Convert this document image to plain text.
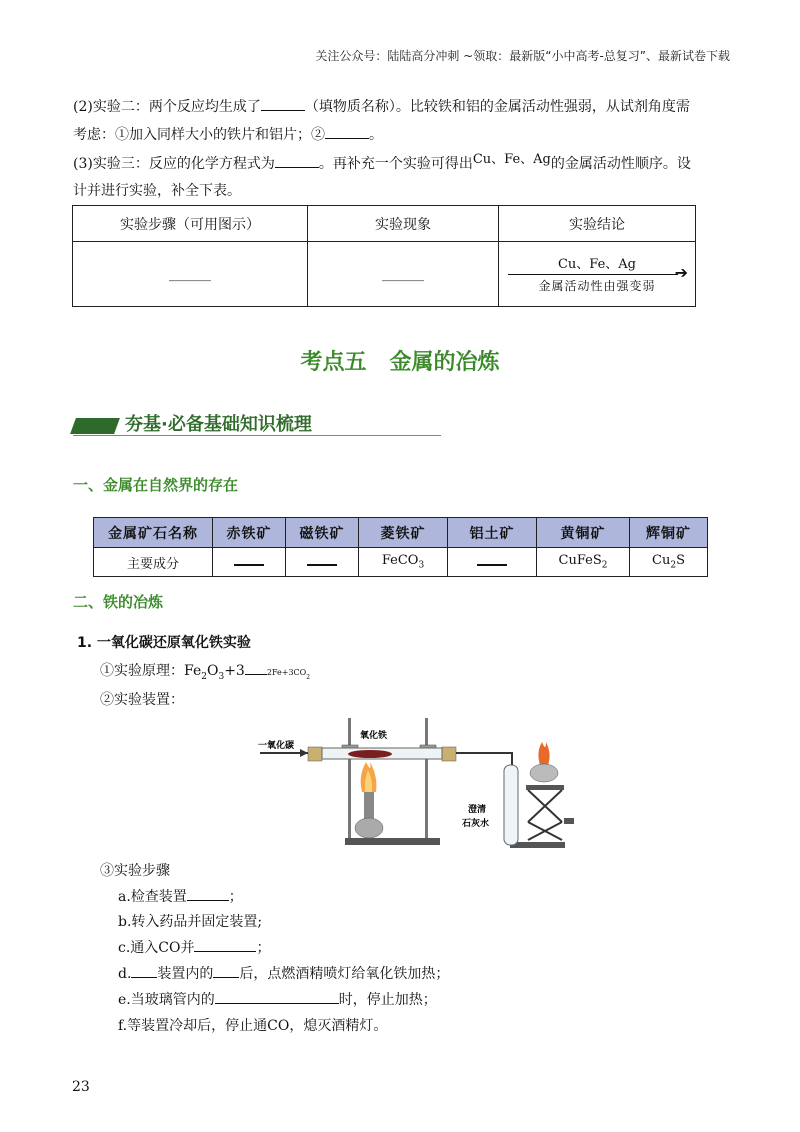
关注公众号：陆陆高分冲刺 ~领取：最新版“小中高考-总复习”、最新试卷下载
(2)实验二：两个反应均生成了	（填物质名称）。比较铁和铝的金属活动性强弱，从试剂角度需
考虑：①加入同样大小的铁片和铝片；②	。
(3)实验三：反应的化学方程式为	。再补充一个实验可得出Cu、Fe、Ag的金属活动性顺序。设
计并进行实验，补全下表。
实验步骤（可用图示）	实验现象	实验结论
______	______	Cu、Fe、Ag ➔
金属活动性由强变弱
考点五   金属的冶炼
夯基·必备基础知识梳理
一、金属在自然界的存在
金属矿石名称	赤铁矿	磁铁矿	菱铁矿	铝土矿	黄铜矿	辉铜矿
主要成分			FeCO$_3$		CuFeS$_2$	$Cu_2S$
二、铁的冶炼
1. 一氧化碳还原氧化铁实验
①实验原理：$Fe_2O_3+3$	$2Fe+3CO_2$
②实验装置：
一氧化碳
氧化铁
澄清
石灰水
③实验步骤
a.检查装置	；
b.转入药品并固定装置;
c.通入CO并	；
d. 装置内的 后，点燃酒精喷灯给氧化铁加热；
e.当玻璃管内的	时，停止加热；
f.等装置冷却后，停止通CO，熄灭酒精灯。
23
